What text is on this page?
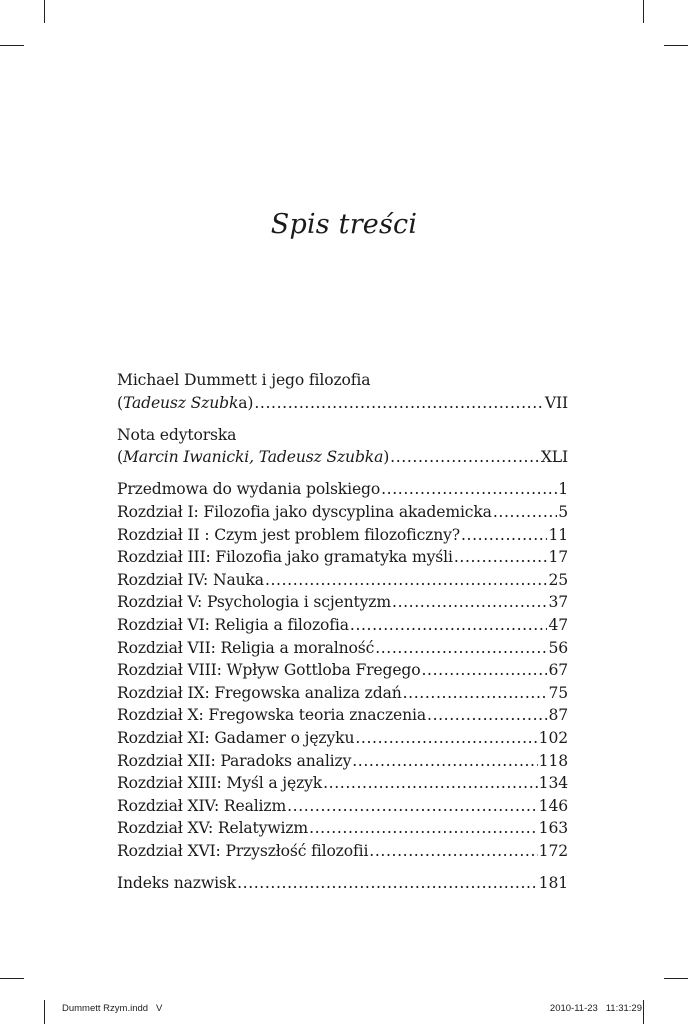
Spis treści
Michael Dummett i jego filozofia
(Tadeusz Szubka) .....	VII
Nota edytorska
(Marcin Iwanicki, Tadeusz Szubka) .....	XLI
Przedmowa do wydania polskiego .....	1
Rozdział I: Filozofia jako dyscyplina akademicka .....	5
Rozdział II : Czym jest problem filozoficzny? .....	11
Rozdział III: Filozofia jako gramatyka myśli .....	17
Rozdział IV: Nauka .....	25
Rozdział V: Psychologia i scjentyzm .....	37
Rozdział VI: Religia a filozofia .....	47
Rozdział VII: Religia a moralność .....	56
Rozdział VIII: Wpływ Gottloba Fregego .....	67
Rozdział IX: Fregowska analiza zdań .....	75
Rozdział X: Fregowska teoria znaczenia .....	87
Rozdział XI: Gadamer o języku .....	102
Rozdział XII: Paradoks analizy .....	118
Rozdział XIII: Myśl a język .....	134
Rozdział XIV: Realizm .....	146
Rozdział XV: Relatywizm .....	163
Rozdział XVI: Przyszłość filozofii .....	172
Indeks nazwisk .....	181
Dummett Rzym.indd   V	2010-11-23 11:31:29
